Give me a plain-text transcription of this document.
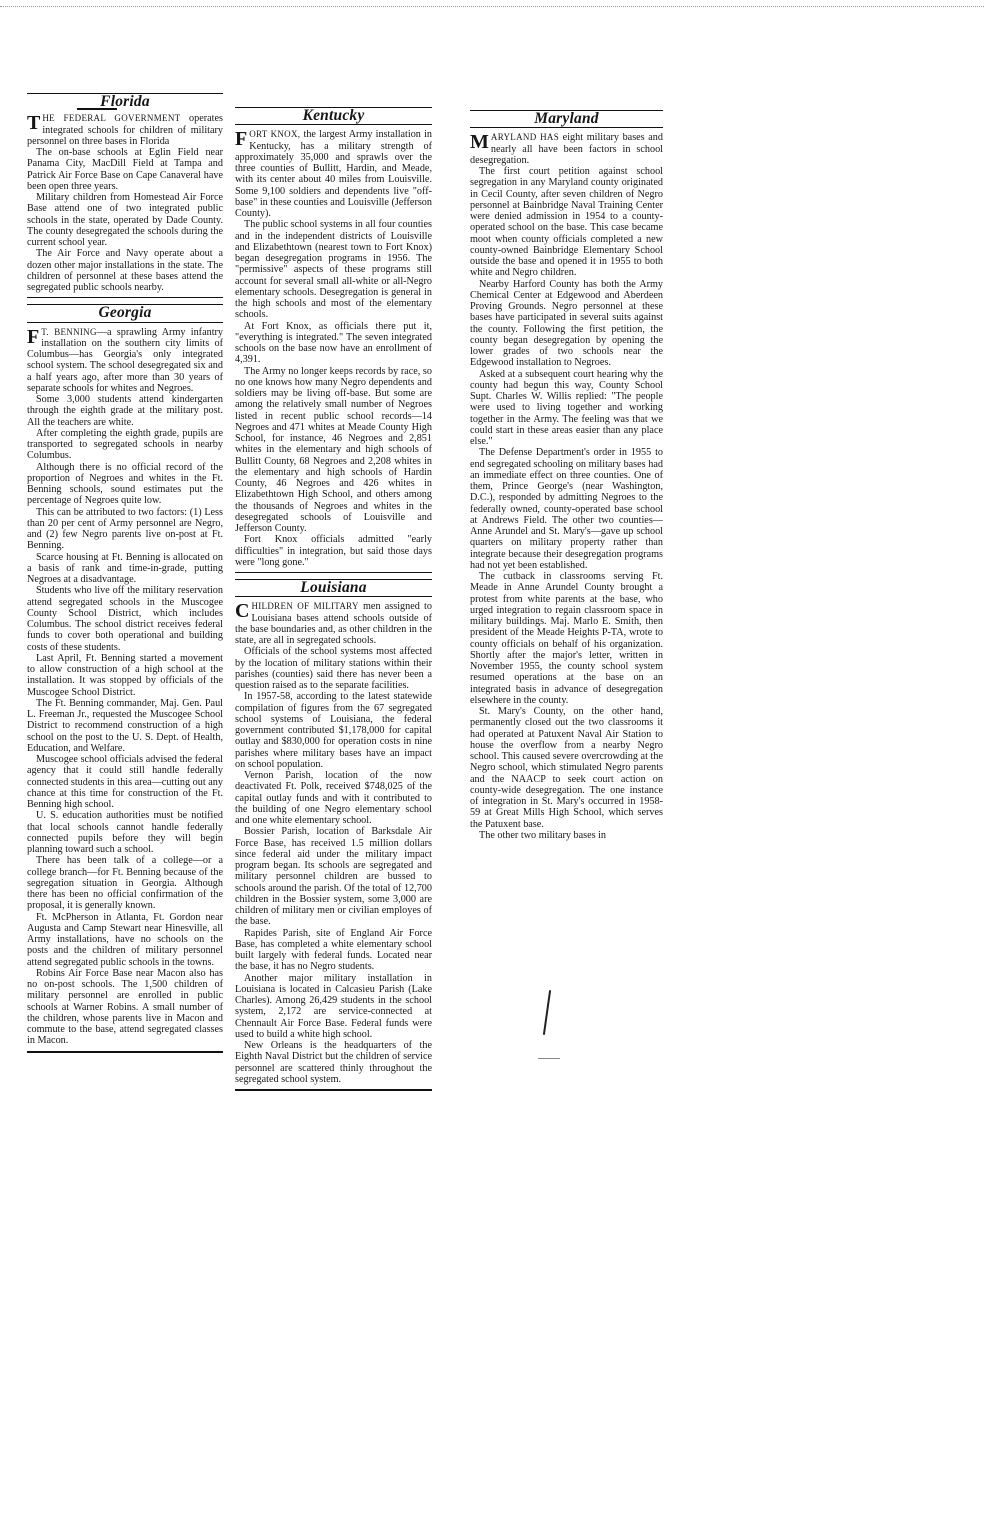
Florida

THE FEDERAL GOVERNMENT operates integrated schools for children of military personnel on three bases in Florida

The on-base schools at Eglin Field near Panama City, MacDill Field at Tampa and Patrick Air Force Base on Cape Canaveral have been open three years.

Military children from Homestead Air Force Base attend one of two integrated public schools in the state, operated by Dade County. The county desegregated the schools during the current school year.

The Air Force and Navy operate about a dozen other major installations in the state. The children of personnel at these bases attend the segregated public schools nearby.

Georgia

F T. BENNING—a sprawling Army infantry installation on the southern city limits of Columbus—has Georgia's only integrated school system. The school desegregated six and a half years ago, after more than 30 years of separate schools for whites and Negroes.

Some 3,000 students attend kindergarten through the eighth grade at the military post. All the teachers are white.

After completing the eighth grade, pupils are transported to segregated schools in nearby Columbus.

Although there is no official record of the proportion of Negroes and whites in the Ft. Benning schools, sound estimates put the percentage of Negroes quite low.

This can be attributed to two factors: (1) Less than 20 per cent of Army personnel are Negro, and (2) few Negro parents live on-post at Ft. Benning.

Scarce housing at Ft. Benning is allocated on a basis of rank and time-in-grade, putting Negroes at a disadvantage.

Students who live off the military reservation attend segregated schools in the Muscogee County School District, which includes Columbus. The school district receives federal funds to cover both operational and building costs of these students.

Last April, Ft. Benning started a movement to allow construction of a high school at the installation. It was stopped by officials of the Muscogee School District.

The Ft. Benning commander, Maj. Gen. Paul L. Freeman Jr., requested the Muscogee School District to recommend construction of a high school on the post to the U. S. Dept. of Health, Education, and Welfare.

Muscogee school officials advised the federal agency that it could still handle federally connected students in this area—cutting out any chance at this time for construction of the Ft. Benning high school.

U. S. education authorities must be notified that local schools cannot handle federally connected pupils before they will begin planning toward such a school.

There has been talk of a college—or a college branch—for Ft. Benning because of the segregation situation in Georgia. Although there has been no official confirmation of the proposal, it is generally known.

Ft. McPherson in Atlanta, Ft. Gordon near Augusta and Camp Stewart near Hinesville, all Army installations, have no schools on the posts and the children of military personnel attend segregated public schools in the towns.

Robins Air Force Base near Macon also has no on-post schools. The 1,500 children of military personnel are enrolled in public schools at Warner Robins. A small number of the children, whose parents live in Macon and commute to the base, attend segregated classes in Macon.

Kentucky

FORT KNOX, the largest Army installation in Kentucky, has a military strength of approximately 35,000 and sprawls over the three counties of Bullitt, Hardin, and Meade, with its center about 40 miles from Louisville. Some 9,100 soldiers and dependents live "off-base" in these counties and Louisville (Jefferson County).

The public school systems in all four counties and in the independent districts of Louisville and Elizabethtown (nearest town to Fort Knox) began desegregation programs in 1956. The "permissive" aspects of these programs still account for several small all-white or all-Negro elementary schools. Desegregation is general in the high schools and most of the elementary schools.

At Fort Knox, as officials there put it, "everything is integrated." The seven integrated schools on the base now have an enrollment of 4,391.

The Army no longer keeps records by race, so no one knows how many Negro dependents and soldiers may be living off-base. But some are among the relatively small number of Negroes listed in recent public school records—14 Negroes and 471 whites at Meade County High School, for instance, 46 Negroes and 2,851 whites in the elementary and high schools of Bullitt County, 68 Negroes and 2,208 whites in the elementary and high schools of Hardin County, 46 Negroes and 426 whites in Elizabethtown High School, and others among the thousands of Negroes and whites in the desegregated schools of Louisville and Jefferson County.

Fort Knox officials admitted "early difficulties" in integration, but said those days were "long gone."

Louisiana

CHILDREN OF MILITARY men assigned to Louisiana bases attend schools outside of the base boundaries and, as other children in the state, are all in segregated schools.

Officials of the school systems most affected by the location of military stations within their parishes (counties) said there has never been a question raised as to the separate facilities.

In 1957-58, according to the latest statewide compilation of figures from the 67 segregated school systems of Louisiana, the federal government contributed $1,178,000 for capital outlay and $830,000 for operation costs in nine parishes where military bases have an impact on school population.

Vernon Parish, location of the now deactivated Ft. Polk, received $748,025 of the capital outlay funds and with it contributed to the building of one Negro elementary school and one white elementary school.

Bossier Parish, location of Barksdale Air Force Base, has received 1.5 million dollars since federal aid under the military impact program began. Its schools are segregated and military personnel children are bussed to schools around the parish. Of the total of 12,700 children in the Bossier system, some 3,000 are children of military men or civilian employes of the base.

Rapides Parish, site of England Air Force Base, has completed a white elementary school built largely with federal funds. Located near the base, it has no Negro students.

Another major military installation in Louisiana is located in Calcasieu Parish (Lake Charles). Among 26,429 students in the school system, 2,172 are service-connected at Chennault Air Force Base. Federal funds were used to build a white high school.

New Orleans is the headquarters of the Eighth Naval District but the children of service personnel are scattered thinly throughout the segregated school system.

Maryland

MARYLAND HAS eight military bases and nearly all have been factors in school desegregation.

The first court petition against school segregation in any Maryland county originated in Cecil County, after seven children of Negro personnel at Bainbridge Naval Training Center were denied admission in 1954 to a county-operated school on the base. This case became moot when county officials completed a new county-owned Bainbridge Elementary School outside the base and opened it in 1955 to both white and Negro children.

Nearby Harford County has both the Army Chemical Center at Edgewood and Aberdeen Proving Grounds. Negro personnel at these bases have participated in several suits against the county. Following the first petition, the county began desegregation by opening the lower grades of two schools near the Edgewood installation to Negroes.

Asked at a subsequent court hearing why the county had begun this way, County School Supt. Charles W. Willis replied: "The people were used to living together and working together in the Army. The feeling was that we could start in these areas easier than any place else."

The Defense Department's order in 1955 to end segregated schooling on military bases had an immediate effect on three counties. One of them, Prince George's (near Washington, D.C.), responded by admitting Negroes to the federally owned, county-operated base school at Andrews Field. The other two counties—Anne Arundel and St. Mary's—gave up school quarters on military property rather than integrate because their desegregation programs had not yet been established.

The cutback in classrooms serving Ft. Meade in Anne Arundel County brought a protest from white parents at the base, who urged integration to regain classroom space in military buildings. Maj. Marlo E. Smith, then president of the Meade Heights P-TA, wrote to county officials on behalf of his organization. Shortly after the major's letter, written in November 1955, the county school system resumed operations at the base on an integrated basis in advance of desegregation elsewhere in the county.

St. Mary's County, on the other hand, permanently closed out the two classrooms it had operated at Patuxent Naval Air Station to house the overflow from a nearby Negro school. This caused severe overcrowding at the Negro school, which stimulated Negro parents and the NAACP to seek court action on county-wide desegregation. The one instance of integration in St. Mary's occurred in 1958-59 at Great Mills High School, which serves the Patuxent base.

The other two military bases in
